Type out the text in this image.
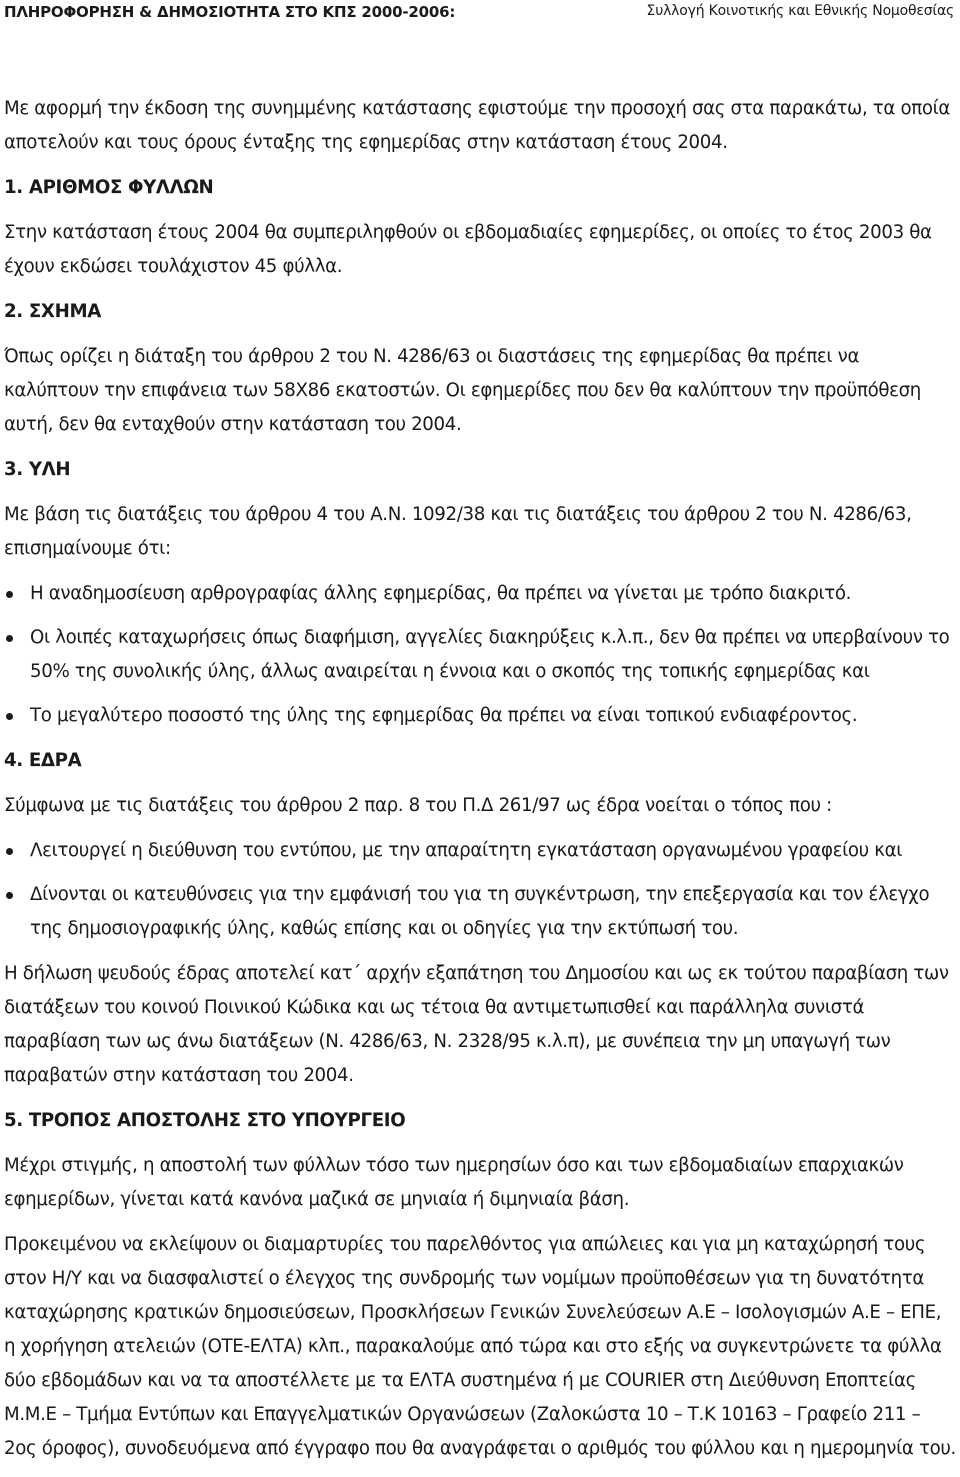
ΠΛΗΡΟΦΟΡΗΣΗ & ΔΗΜΟΣΙΟΤΗΤΑ ΣΤΟ ΚΠΣ 2000-2006:	Συλλογή Κοινοτικής και Εθνικής Νομοθεσίας

Με αφορμή την έκδοση της συνημμένης κατάστασης εφιστούμε την προσοχή σας στα παρακάτω, τα οποία αποτελούν και τους όρους ένταξης της εφημερίδας στην κατάσταση έτους 2004.

1. ΑΡΙΘΜΟΣ ΦΥΛΛΩΝ

Στην κατάσταση έτους 2004 θα συμπεριληφθούν οι εβδομαδιαίες εφημερίδες, οι οποίες το έτος 2003 θα έχουν εκδώσει τουλάχιστον 45 φύλλα.

2. ΣΧΗΜΑ

Όπως ορίζει η διάταξη του άρθρου 2 του Ν. 4286/63 οι διαστάσεις της εφημερίδας θα πρέπει να καλύπτουν την επιφάνεια των 58Χ86 εκατοστών. Οι εφημερίδες που δεν θα καλύπτουν την προϋπόθεση αυτή, δεν θα ενταχθούν στην κατάσταση του 2004.

3. ΥΛΗ

Με βάση τις διατάξεις του άρθρου 4 του Α.Ν. 1092/38 και τις διατάξεις του άρθρου 2 του Ν. 4286/63, επισημαίνουμε ότι:

Η αναδημοσίευση αρθρογραφίας άλλης εφημερίδας, θα πρέπει να γίνεται με τρόπο διακριτό.
Οι λοιπές καταχωρήσεις όπως διαφήμιση, αγγελίες διακηρύξεις κ.λ.π., δεν θα πρέπει να υπερβαίνουν το 50% της συνολικής ύλης, άλλως αναιρείται η έννοια και ο σκοπός της τοπικής εφημερίδας και
Το μεγαλύτερο ποσοστό της ύλης της εφημερίδας θα πρέπει να είναι τοπικού ενδιαφέροντος.
4. ΕΔΡΑ

Σύμφωνα με τις διατάξεις του άρθρου 2 παρ. 8 του Π.Δ 261/97 ως έδρα νοείται ο τόπος που :

Λειτουργεί η διεύθυνση του εντύπου, με την απαραίτητη εγκατάσταση οργανωμένου γραφείου και
Δίνονται οι κατευθύνσεις για την εμφάνισή του για τη συγκέντρωση, την επεξεργασία και τον έλεγχο της δημοσιογραφικής ύλης, καθώς επίσης και οι οδηγίες για την εκτύπωσή του.

Η δήλωση ψευδούς έδρας αποτελεί κατ΄ αρχήν εξαπάτηση του Δημοσίου και ως εκ τούτου παραβίαση των διατάξεων του κοινού Ποινικού Κώδικα και ως τέτοια θα αντιμετωπισθεί και παράλληλα συνιστά παραβίαση των ως άνω διατάξεων (Ν. 4286/63, Ν. 2328/95 κ.λ.π), με συνέπεια την μη υπαγωγή των παραβατών στην κατάσταση του 2004.

5. ΤΡΟΠΟΣ ΑΠΟΣΤΟΛΗΣ ΣΤΟ ΥΠΟΥΡΓΕΙΟ

Μέχρι στιγμής, η αποστολή των φύλλων τόσο των ημερησίων όσο και των εβδομαδιαίων επαρχιακών εφημερίδων, γίνεται κατά κανόνα μαζικά σε μηνιαία ή διμηνιαία βάση.

Προκειμένου να εκλείψουν οι διαμαρτυρίες του παρελθόντος για απώλειες και για μη καταχώρησή τους στον Η/Υ και να διασφαλιστεί ο έλεγχος της συνδρομής των νομίμων προϋποθέσεων για τη δυνατότητα καταχώρησης κρατικών δημοσιεύσεων, Προσκλήσεων Γενικών Συνελεύσεων Α.Ε – Ισολογισμών Α.Ε – ΕΠΕ, η χορήγηση ατελειών (ΟΤΕ-ΕΛΤΑ) κλπ., παρακαλούμε από τώρα και στο εξής να συγκεντρώνετε τα φύλλα δύο εβδομάδων και να τα αποστέλλετε με τα ΕΛΤΑ συστημένα ή με COURIER στη Διεύθυνση Εποπτείας Μ.Μ.Ε – Τμήμα Εντύπων και Επαγγελματικών Οργανώσεων (Ζαλοκώστα 10 – Τ.Κ 10163 – Γραφείο 211 – 2ος όροφος), συνοδευόμενα από έγγραφο που θα αναγράφεται ο αριθμός του φύλλου και η ημερομηνία του.
